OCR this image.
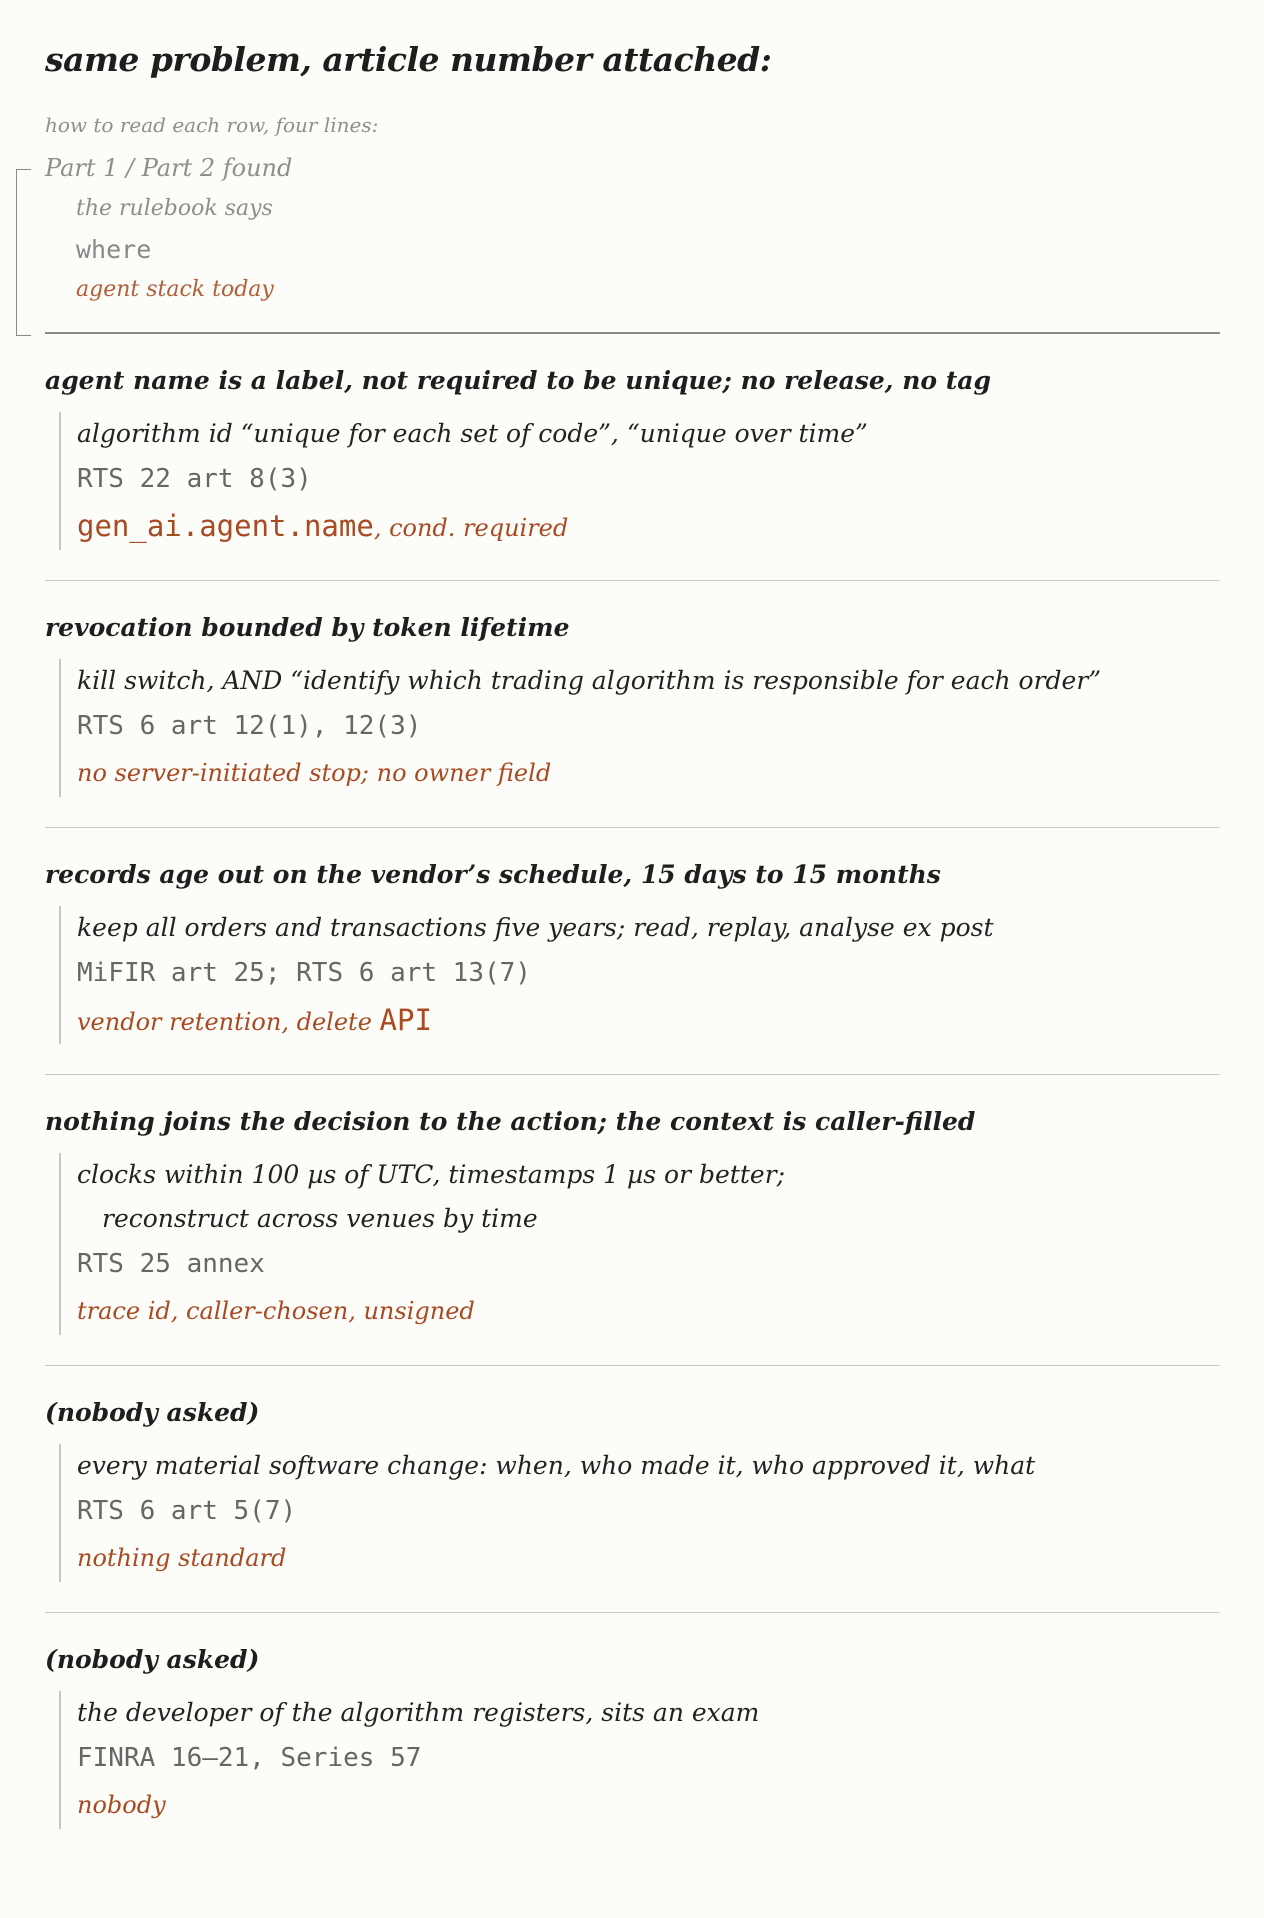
same problem, article number attached:
how to read each row, four lines:
Part 1 / Part 2 found
the rulebook says
where
agent stack today
agent name is a label, not required to be unique; no release, no tag
algorithm id “unique for each set of code”, “unique over time”
RTS 22 art 8(3)
gen_ai.agent.name, cond. required
revocation bounded by token lifetime
kill switch, AND “identify which trading algorithm is responsible for each order”
RTS 6 art 12(1), 12(3)
no server-initiated stop; no owner field
records age out on the vendor’s schedule, 15 days to 15 months
keep all orders and transactions five years; read, replay, analyse ex post
MiFIR art 25; RTS 6 art 13(7)
vendor retention, delete API
nothing joins the decision to the action; the context is caller-filled
clocks within 100 µs of UTC, timestamps 1 µs or better;
reconstruct across venues by time
RTS 25 annex
trace id, caller-chosen, unsigned
(nobody asked)
every material software change: when, who made it, who approved it, what
RTS 6 art 5(7)
nothing standard
(nobody asked)
the developer of the algorithm registers, sits an exam
FINRA 16–21, Series 57
nobody
